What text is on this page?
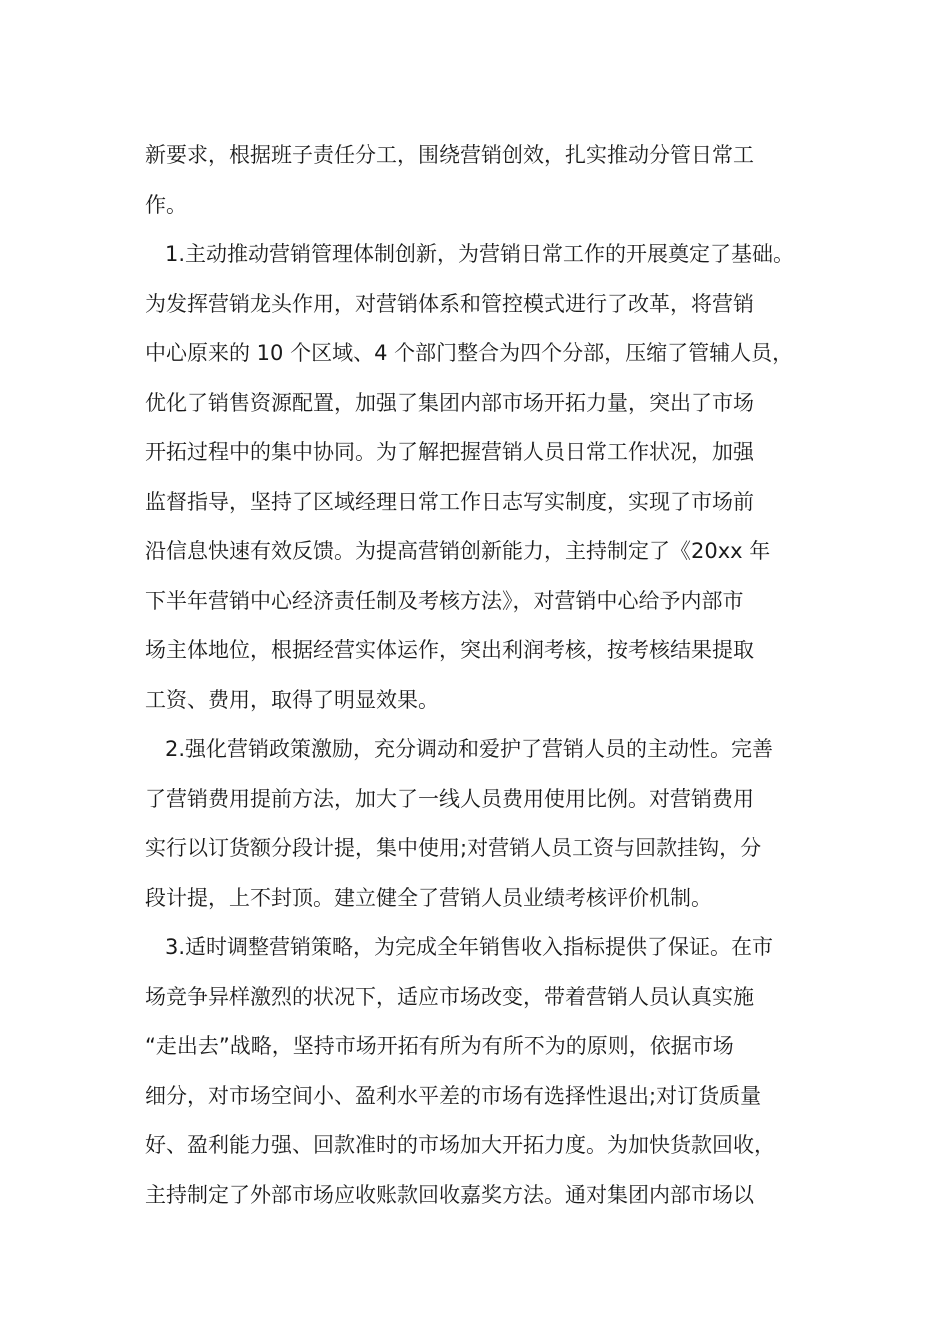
新要求，根据班子责任分工，围绕营销创效，扎实推动分管日常工
作。
1.主动推动营销管理体制创新，为营销日常工作的开展奠定了基础。
为发挥营销龙头作用，对营销体系和管控模式进行了改革，将营销
中心原来的 10 个区域、4 个部门整合为四个分部，压缩了管辅人员，
优化了销售资源配置，加强了集团内部市场开拓力量，突出了市场
开拓过程中的集中协同。为了解把握营销人员日常工作状况，加强
监督指导，坚持了区域经理日常工作日志写实制度，实现了市场前
沿信息快速有效反馈。为提高营销创新能力，主持制定了《20xx 年
下半年营销中心经济责任制及考核方法》，对营销中心给予内部市
场主体地位，根据经营实体运作，突出利润考核，按考核结果提取
工资、费用，取得了明显效果。
2.强化营销政策激励，充分调动和爱护了营销人员的主动性。完善
了营销费用提前方法，加大了一线人员费用使用比例。对营销费用
实行以订货额分段计提，集中使用;对营销人员工资与回款挂钩，分
段计提，上不封顶。建立健全了营销人员业绩考核评价机制。
3.适时调整营销策略，为完成全年销售收入指标提供了保证。在市
场竞争异样激烈的状况下，适应市场改变，带着营销人员认真实施
“走出去”战略，坚持市场开拓有所为有所不为的原则，依据市场
细分，对市场空间小、盈利水平差的市场有选择性退出;对订货质量
好、盈利能力强、回款准时的市场加大开拓力度。为加快货款回收，
主持制定了外部市场应收账款回收嘉奖方法。通对集团内部市场以
